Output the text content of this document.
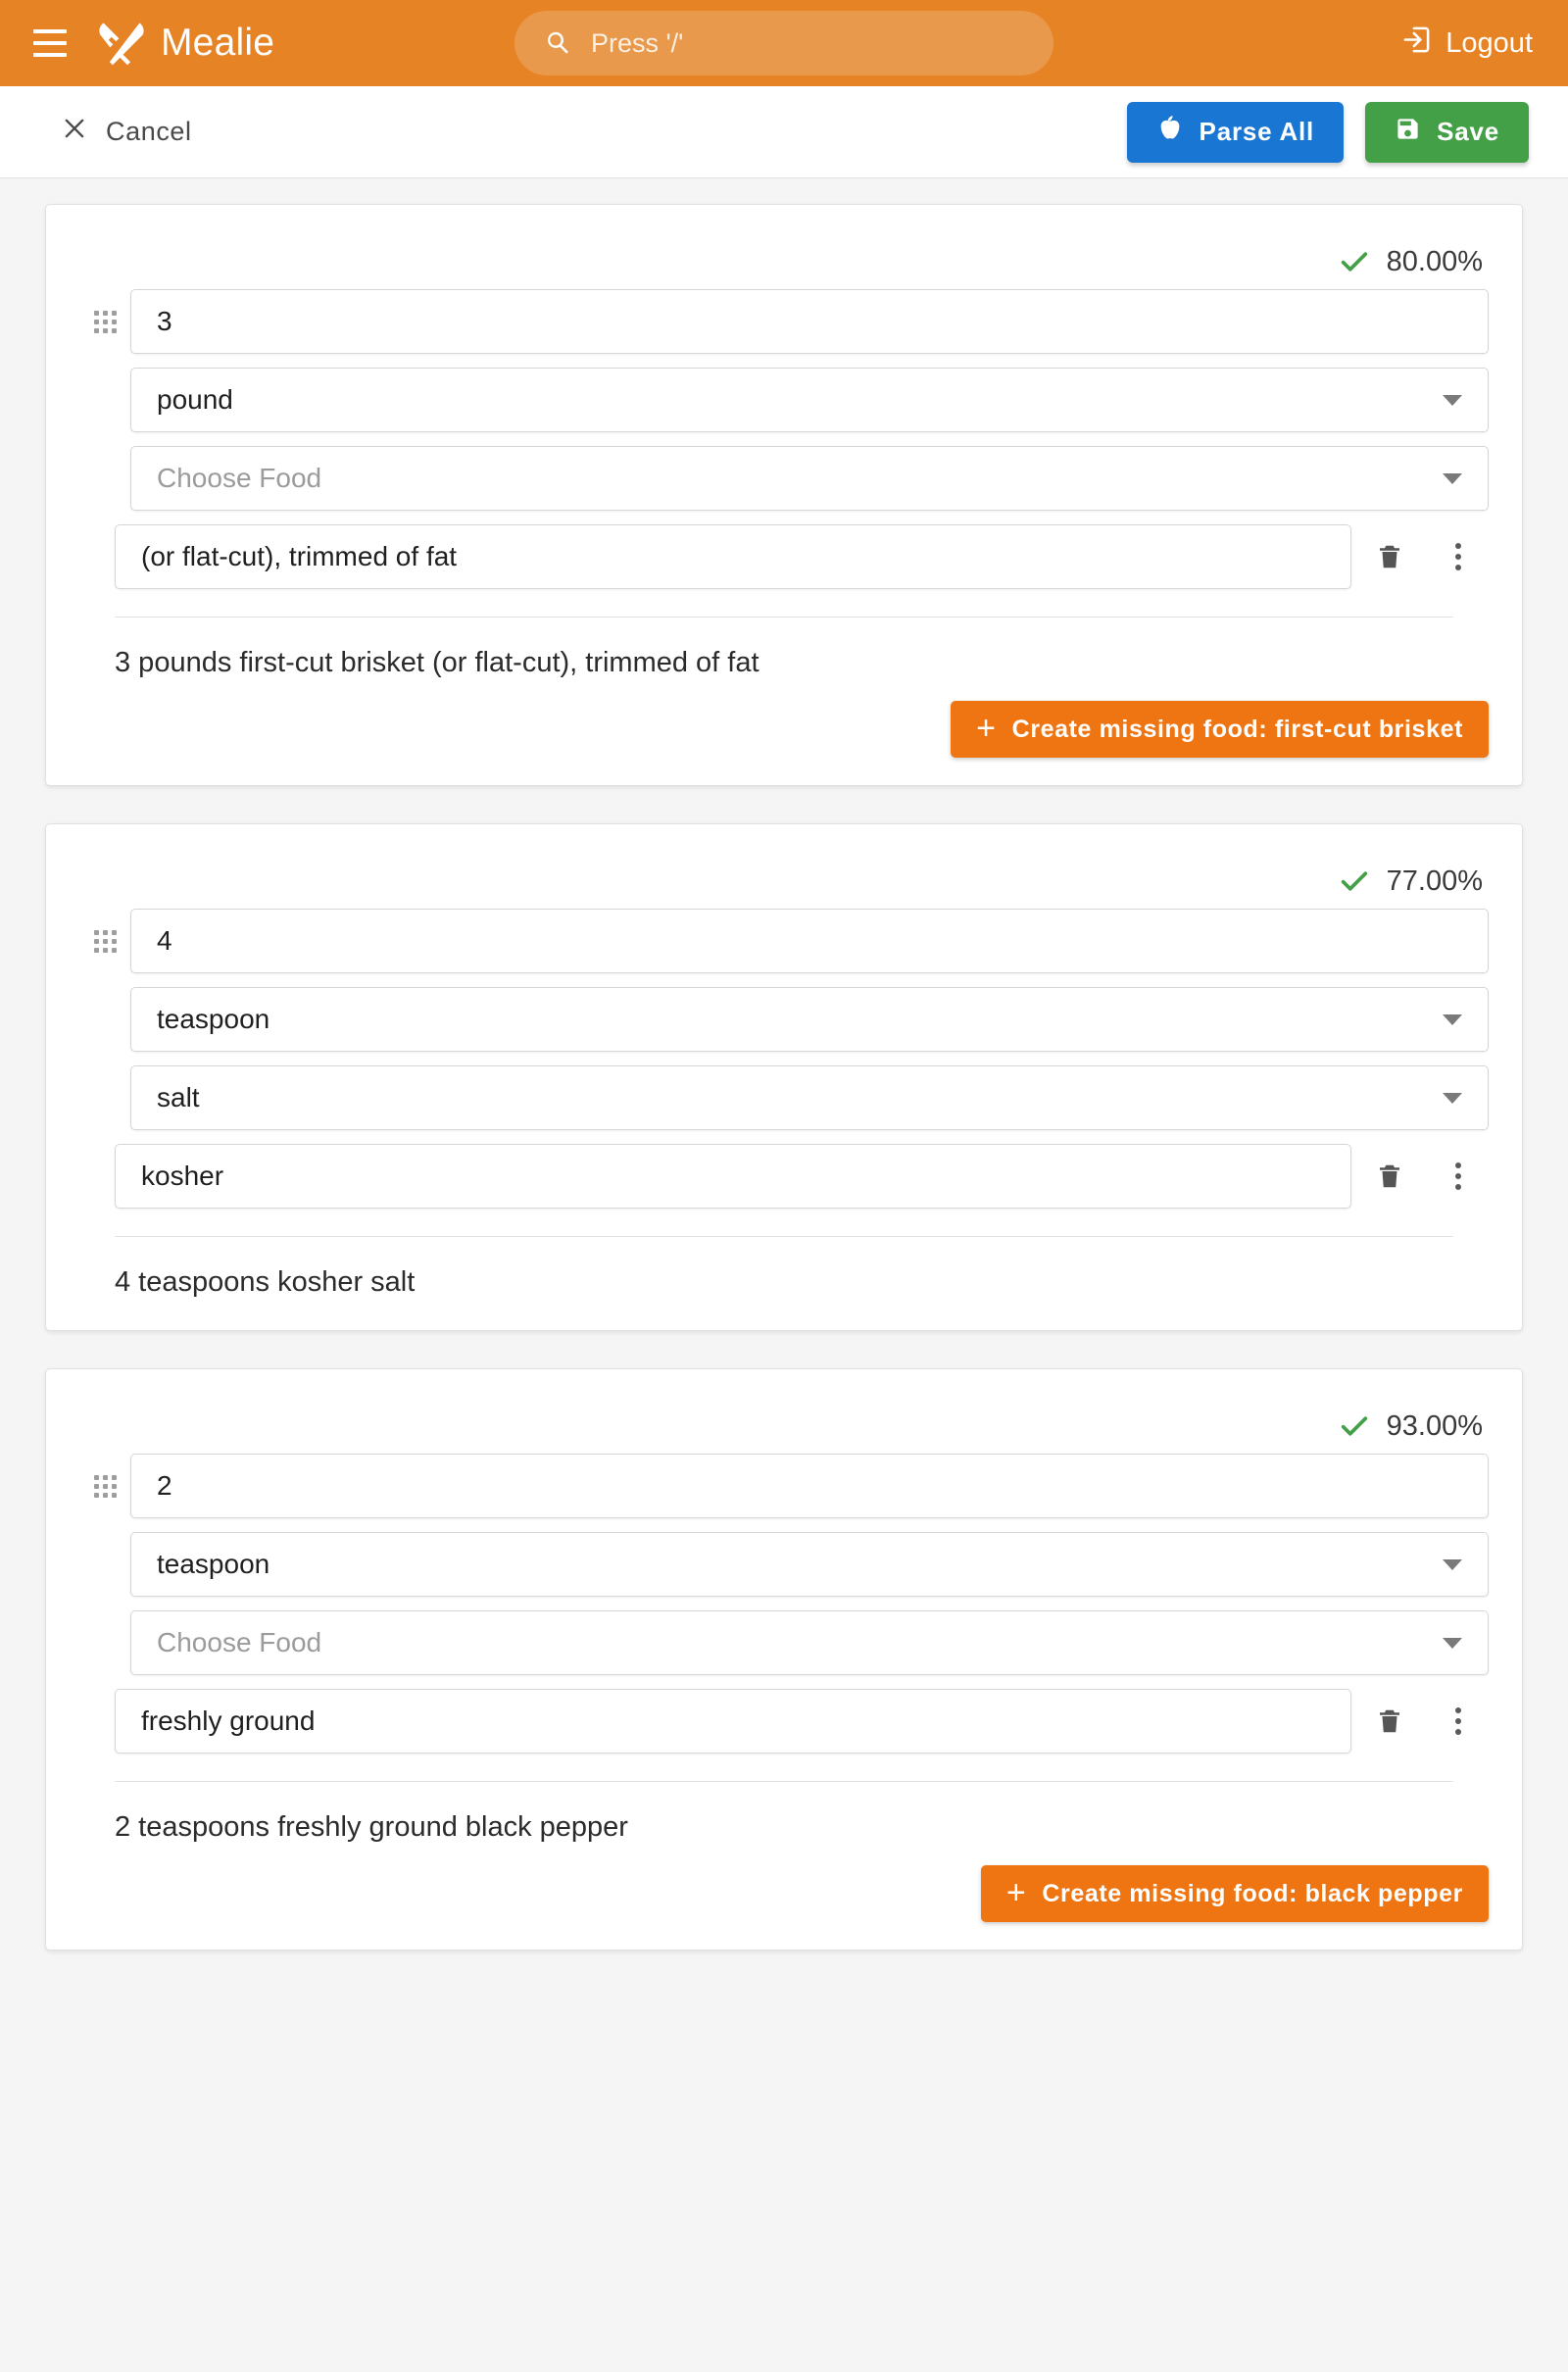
Mealie	Press '/'	Logout
Cancel	Parse All	Save
80.00%
3
pound
Choose Food
(or flat-cut), trimmed of fat
3 pounds first-cut brisket (or flat-cut), trimmed of fat
+ Create missing food: first-cut brisket
77.00%
4
teaspoon
salt
kosher
4 teaspoons kosher salt
93.00%
2
teaspoon
Choose Food
freshly ground
2 teaspoons freshly ground black pepper
+ Create missing food: black pepper
